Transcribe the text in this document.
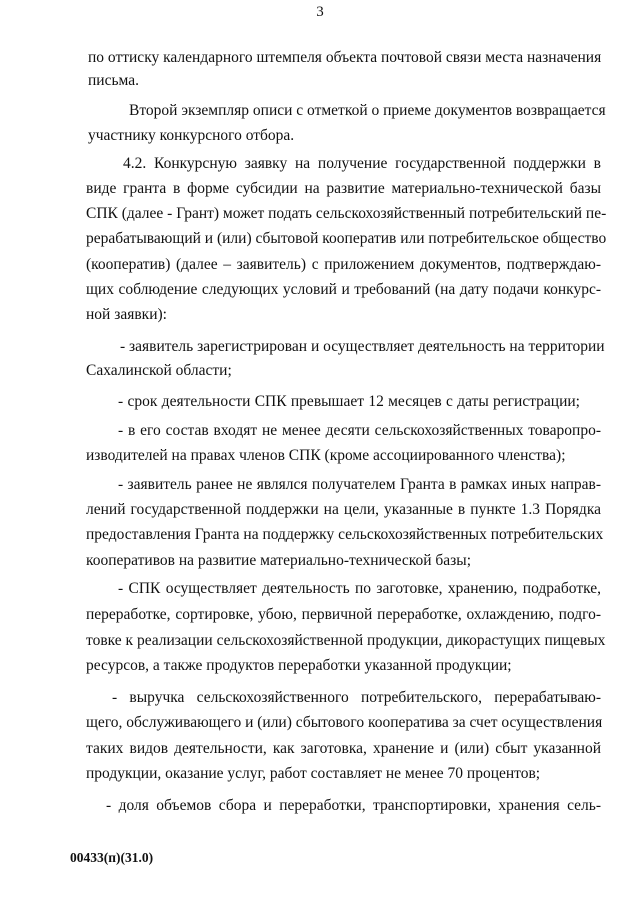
3
по оттиску календарного штемпеля объекта почтовой связи места назначения
письма.
Второй экземпляр описи с отметкой о приеме документов возвращается
участнику конкурсного отбора.
4.2. Конкурсную заявку на получение государственной поддержки в
виде гранта в форме субсидии на развитие материально-технической базы
СПК (далее - Грант) может подать сельскохозяйственный потребительский пе-
рерабатывающий и (или) сбытовой кооператив или потребительское общество
(кооператив) (далее – заявитель) с приложением документов, подтверждаю-
щих соблюдение следующих условий и требований (на дату подачи конкурс-
ной заявки):
- заявитель зарегистрирован и осуществляет деятельность на территории
Сахалинской области;
- срок деятельности СПК превышает 12 месяцев с даты регистрации;
- в его состав входят не менее десяти сельскохозяйственных товаропро-
изводителей на правах членов СПК (кроме ассоциированного членства);
- заявитель ранее не являлся получателем Гранта в рамках иных направ-
лений государственной поддержки на цели, указанные в пункте 1.3 Порядка
предоставления Гранта на поддержку сельскохозяйственных потребительских
кооперативов на развитие материально-технической базы;
- СПК осуществляет деятельность по заготовке, хранению, подработке,
переработке, сортировке, убою, первичной переработке, охлаждению, подго-
товке к реализации сельскохозяйственной продукции, дикорастущих пищевых
ресурсов, а также продуктов переработки указанной продукции;
- выручка сельскохозяйственного потребительского, перерабатываю-
щего, обслуживающего и (или) сбытового кооператива за счет осуществления
таких видов деятельности, как заготовка, хранение и (или) сбыт указанной
продукции, оказание услуг, работ составляет не менее 70 процентов;
- доля объемов сбора и переработки, транспортировки, хранения сель-
00433(п)(31.0)
